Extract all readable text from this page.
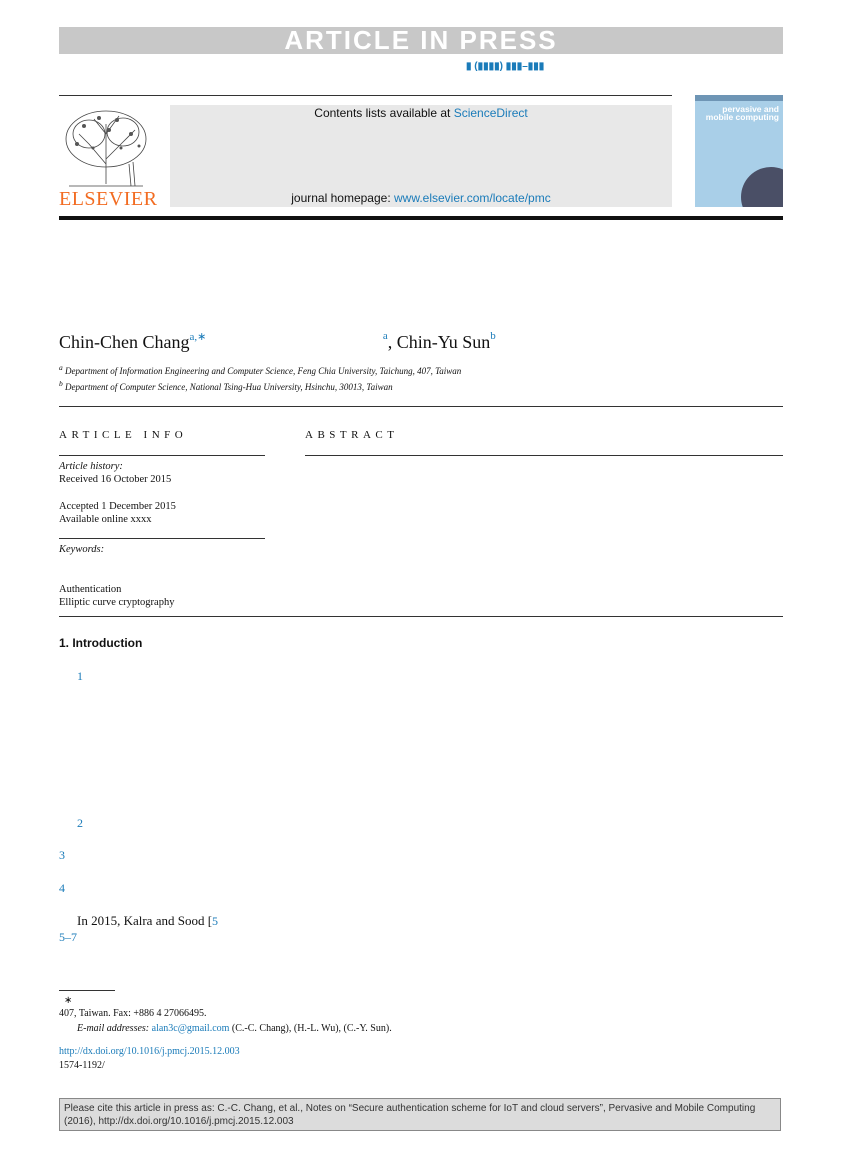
ARTICLE IN PRESS
▮ (▮▮▮▮) ▮▮▮–▮▮▮
ELSEVIER
Contents lists available at ScienceDirect
journal homepage: www.elsevier.com/locate/pmc
pervasive and mobile computing
Chin-Chen Chang$^{a,∗}$	$^a$, Chin-Yu Sun$^b$
$^a$ Department of Information Engineering and Computer Science, Feng Chia University, Taichung, 407, Taiwan
$^b$ Department of Computer Science, National Tsing-Hua University, Hsinchu, 30013, Taiwan
ARTICLE INFO
Article history:
Received 16 October 2015
Accepted 1 December 2015
Available online xxxx
Keywords:
Authentication
Elliptic curve cryptography
ABSTRACT
1. Introduction
1
2
3
4
In 2015, Kalra and Sood [5
5–7
∗
407, Taiwan. Fax: +886 4 27066495.
E-mail addresses: alan3c@gmail.com (C.-C. Chang), (H.-L. Wu), (C.-Y. Sun).
http://dx.doi.org/10.1016/j.pmcj.2015.12.003
1574-1192/
Please cite this article in press as: C.-C. Chang, et al., Notes on “Secure authentication scheme for IoT and cloud servers”, Pervasive and Mobile Computing
(2016), http://dx.doi.org/10.1016/j.pmcj.2015.12.003
